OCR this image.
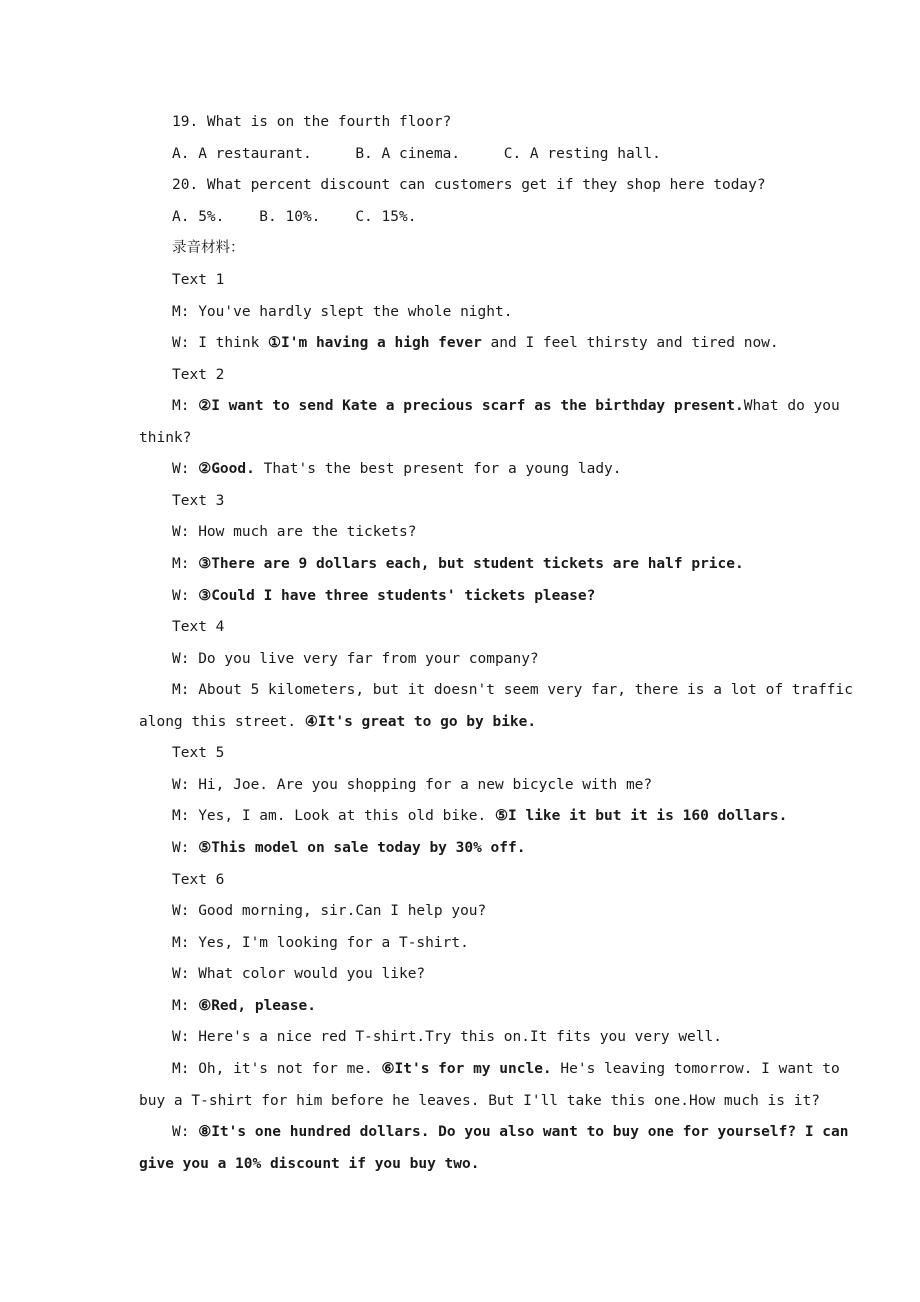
19. What is on the fourth floor?
A. A restaurant.     B. A cinema.     C. A resting hall.
20. What percent discount can customers get if they shop here today?
A. 5%.    B. 10%.    C. 15%.
录音材料：
Text 1
M: You've hardly slept the whole night.
W: I think ①I'm having a high fever and I feel thirsty and tired now.
Text 2
M: ②I want to send Kate a precious scarf as the birthday present.What do you
think?
W: ②Good. That's the best present for a young lady.
Text 3
W: How much are the tickets?
M: ③There are 9 dollars each, but student tickets are half price.
W: ③Could I have three students' tickets please?
Text 4
W: Do you live very far from your company?
M: About 5 kilometers, but it doesn't seem very far, there is a lot of traffic
along this street. ④It's great to go by bike.
Text 5
W: Hi, Joe. Are you shopping for a new bicycle with me?
M: Yes, I am. Look at this old bike. ⑤I like it but it is 160 dollars.
W: ⑤This model on sale today by 30% off.
Text 6
W: Good morning, sir.Can I help you?
M: Yes, I'm looking for a T-shirt.
W: What color would you like?
M: ⑥Red, please.
W: Here's a nice red T-shirt.Try this on.It fits you very well.
M: Oh, it's not for me. ⑥It's for my uncle. He's leaving tomorrow. I want to
buy a T-shirt for him before he leaves. But I'll take this one.How much is it?
W: ⑧It's one hundred dollars. Do you also want to buy one for yourself? I can
give you a 10% discount if you buy two.
